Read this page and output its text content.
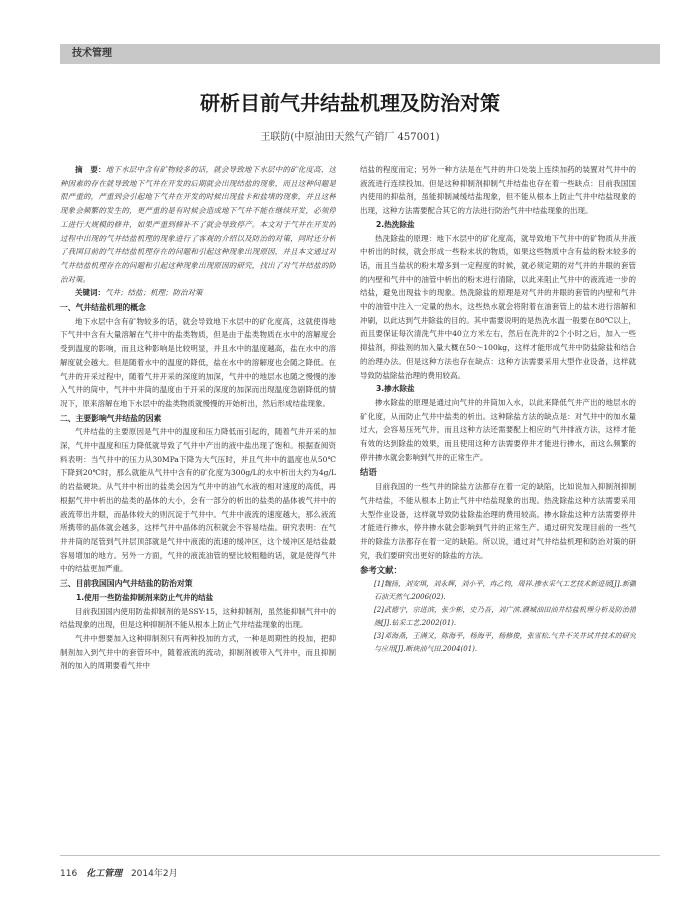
技术管理
研析目前气井结盐机理及防治对策
王联防(中原油田天然气产销厂 457001)

摘　要：地下水层中含有矿物较多的话，就会导致地下水层中的矿化度高，这种因素的存在就导致地下气井在开发的后期就会出现结盐的现象，而且这种问题是很严重的，严重到会引起地下气井在开发的时候出现盐卡和盐堵的现象，并且这种现象会频繁的发生的，更严重的是有时候会造成地下气井不能在继续开发，必须停工进行大规模的修井，如果严重到修补不了就会导致停产。本文对于气井在开发的过程中出现的气井结盐机理的现象进行了客观的介绍以及防治的对策，同时还分析了我国目前的气井结盐机理存在的问题和引起这种现象出现原因，并且本文通过对气井结盐机理存在的问题和引起这种现象出现原因的研究，找出了对气井结盐的防治对策。

关键词：气井；结盐；机理；防治对策

一、气井结盐机理的概念

地下水层中含有矿物较多的话，就会导致地下水层中的矿化度高，这就使得地下气井中含有大量溶解在气井中的盐类物质，但是由于盐类物质在水中的溶解度会受到温度的影响，而且这种影响是比较明显，并且水中的温度越高，盐在水中的溶解度就会越大。但是随着水中的温度的降低，盐在水中的溶解度也会随之降低。在气井的开采过程中，随着气井开采的深度的加深，气井中的地层水也随之慢慢的渗入气井的筒中，气井中井筒的温度由于开采的深度的加深而出现温度急剧降低的情况下，原来溶解在地下水层中的盐类物质就慢慢的开始析出，然后形成结盐现象。

二、主要影响气井结盐的因素

气井结盐的主要原因是气井中的温度和压力降低而引起的，随着气井开采的加深，气井中温度和压力降低就导致了气井中产出的液中盐出现了饱和。根据查阅资料表明：当气井中的压力从30MPa下降为大气压时，并且气井中的温度也从50℃下降到20℃时，那么就能从气井中含有的矿化度为300g/L的水中析出大约为4g/L的岩盐硬块。从气井中析出的盐类会因为气井中的油气水液的相对速度的高低，再根据气井中析出的盐类的晶体的大小，会有一部分的析出的盐类的晶体被气井中的液流带出井眼，而晶体较大的则沉淀于气井中。气井中液流的速度越大，那么液流所携带的晶体就会越多，这样气井中晶体的沉积就会不容易结盐。研究表明：在气井井筒的尾管到气井层顶部就是气井中液流的流速的缓冲区，这个缓冲区是结盐最容易增加的地方。另外一方面，气井的液流油管的壁比较粗糙的话，就是使得气井中的结盐更加严重。

三、目前我国国内气井结盐的防治对策

1.使用一些防盐抑制剂来防止气井的结盐

目前我国国内使用防盐抑制剂的是SSY-15，这种抑制剂，虽然能抑制气井中的结盐现象的出现，但是这种抑制剂不能从根本上防止气井结盐现象的出现。

气井中想要加入这种抑制剂只有两种投加的方式，一种是周期性的投加，把抑制剂加入到气井中的套管环中，随着液流的流动，抑制剂被带入气井中，而且抑制剂的加入的周期要看气井中

结盐的程度而定；另外一种方法是在气井的井口处装上连续加药的装置对气井中的液流进行连续投加。但是这种抑制剂抑制气井结盐也存在着一些缺点：目前我国国内使用的抑盐剂，虽能抑制减缓结盐现象，但不能从根本上防止气井中结盐现象的出现，这种方法需要配合其它的方法进行防治气井中结盐现象的出现。

2.热洗除盐

热洗除盐的原理：地下水层中的矿化度高，就导致地下气井中的矿物质从井液中析出的时候，就会形成一些粉末状的物质，如果这些物质中含有盐的粉末较多的话，而且当盐状的粉末增多到一定程度的时候，就必须定期的对气井的井眼的套管的内壁和气井中的油管中析出的粉末进行清除，以此来阻止气井中的液流进一步的结盐，避免出现盐卡的现象。热洗除盐的原理是对气井的井眼的套管的内壁和气井中的油管中注入一定量的热水，这些热水就会将附着在油套管上的盐木进行溶解和冲刷，以此达到气井除盐的目的。其中需要说明的是热洗水温一般要在80℃以上，而且要保证每次清洗气井中40立方米左右，然后在洗井的2个小时之后，加入一些抑盐剂，抑盐剂的加入量大概在50～100kg，这样才能形成气井中防盐除盐和结合的治理办法。但是这种方法也存在缺点：这种方法需要采用大型作业设备，这样就导致防盐除盐治理的费用较高。

3.掺水除盐

掺水除盐的原理是通过向气井的井筒加入水，以此来降低气井产出的地层水的矿化度，从而防止气井中盐类的析出。这种除盐方法的缺点是：对气井中的加水量过大，会容易压死气井，而且这种方法还需要配上相应的气井排液方法，这样才能有效的达到除盐的效果，而且使用这种方法需要停井才能进行掺水，而这么频繁的停井掺水就会影响到气井的正常生产。

结语

目前我国的一些气井的除盐方法都存在着一定的缺陷，比如说加入抑制剂抑制气井结盐，不能从根本上防止气井中结盐现象的出现。热洗除盐这种方法需要采用大型作业设备，这样就导致防盐除盐治理的费用较高。掺水除盐这种方法需要停井才能进行掺水，停井掺水就会影响到气井的正常生产。通过研究发现目前的一些气井的除盐方法都存在着一定的缺陷。所以说，通过对气井结盐机理和防治对策的研究，我们要研究出更好的除盐的方法。

参考文献：

[1]魏扬，刘安琪，刘永辉，刘小平，冉乙钧，周祥.掺水采气工艺技术新进展[J].新疆石油天然气.2006(02).

[2]武德宁，宗进滨，张少彬，史乃吾，刘广滨.濮城油田油井结盐机理分析及防治措施[J].钻采工艺.2002(01).

[3]邓海燕，王满又，陈海平，杨海平，杨修俊，张雪松.气井不关井试井技术的研究与应用[J].断块油气田.2004(01).

116 化工管理 2014年2月
